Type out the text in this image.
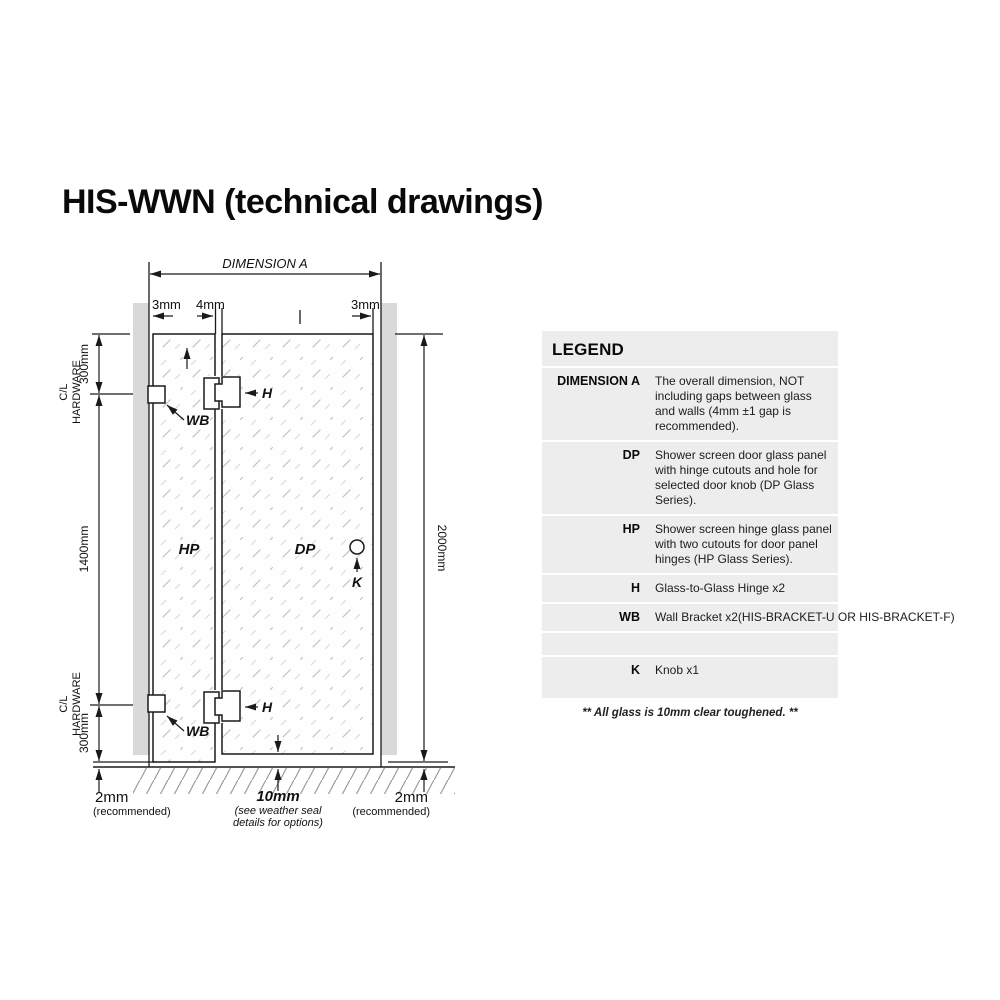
HIS-WWN (technical drawings)
DIMENSION A
3mm 4mm	3mm
300mm
C/L HARDWARE
1400mm
C/L HARDWARE
300mm
2000mm
HP	DP
H
H
WB
WB
K
2mm
(recommended)
2mm
(recommended)
10mm
(see weather seal
details for options)
LEGEND
DIMENSION A The overall dimension, NOT including gaps between glass and walls (4mm ±1 gap is recommended).
DP Shower screen door glass panel with hinge cutouts and hole for selected door knob (DP Glass Series).
HP Shower screen hinge glass panel with two cutouts for door panel hinges (HP Glass Series).
H Glass-to-Glass Hinge x2
WB Wall Bracket x2(HIS-BRACKET-U OR HIS-BRACKET-F)
K Knob x1
** All glass is 10mm clear toughened. **
